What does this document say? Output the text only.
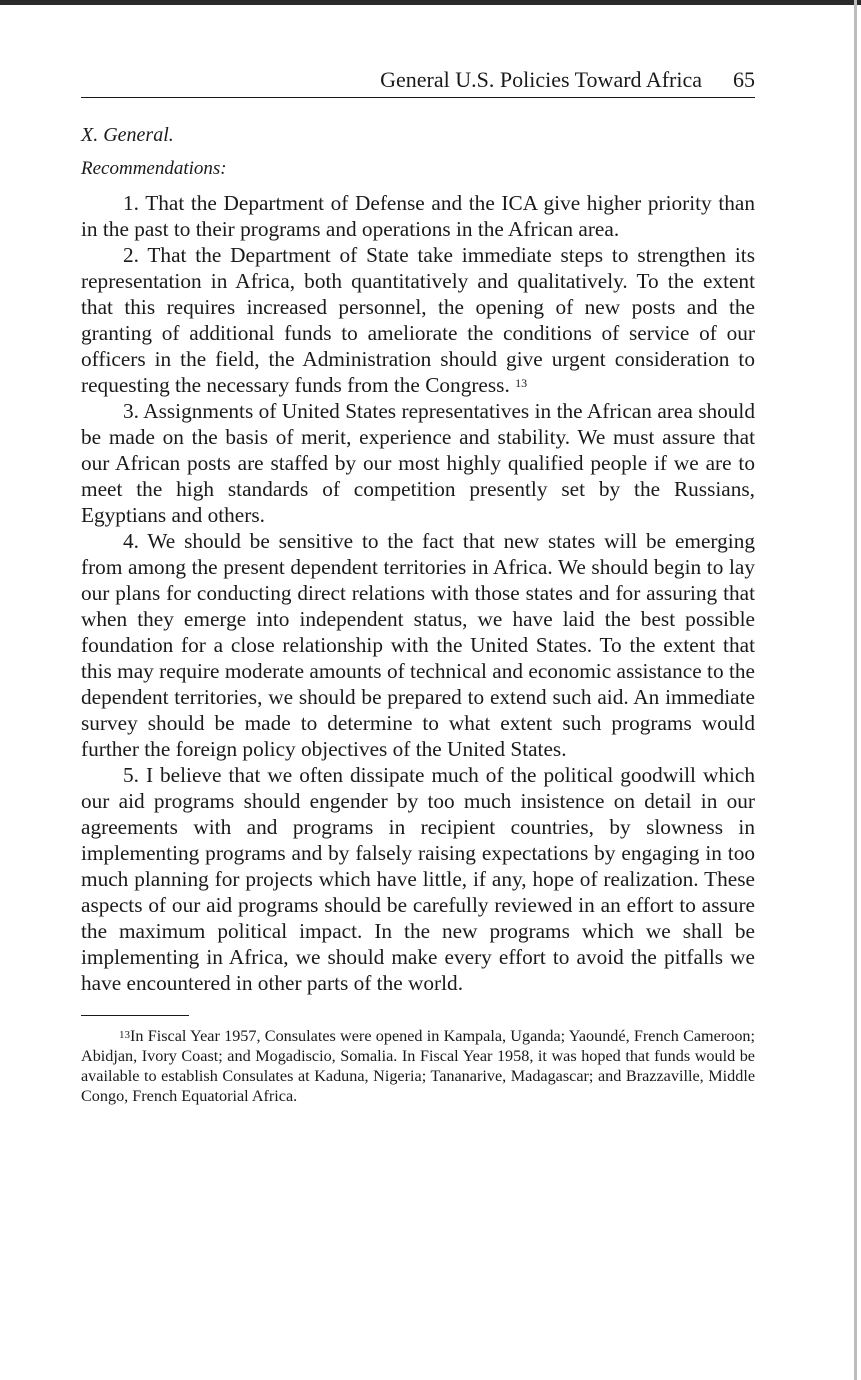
General U.S. Policies Toward Africa 65
X. General.
Recommendations:

1. That the Department of Defense and the ICA give higher priority than in the past to their programs and operations in the African area.

2. That the Department of State take immediate steps to strengthen its representation in Africa, both quantitatively and qualitatively. To the extent that this requires increased personnel, the opening of new posts and the granting of additional funds to ameliorate the conditions of service of our officers in the field, the Administration should give urgent consideration to requesting the necessary funds from the Congress. $^{13}$

3. Assignments of United States representatives in the African area should be made on the basis of merit, experience and stability. We must assure that our African posts are staffed by our most highly qualified people if we are to meet the high standards of competition presently set by the Russians, Egyptians and others.

4. We should be sensitive to the fact that new states will be emerging from among the present dependent territories in Africa. We should begin to lay our plans for conducting direct relations with those states and for assuring that when they emerge into independent status, we have laid the best possible foundation for a close relationship with the United States. To the extent that this may require moderate amounts of technical and economic assistance to the dependent territories, we should be prepared to extend such aid. An immediate survey should be made to determine to what extent such programs would further the foreign policy objectives of the United States.

5. I believe that we often dissipate much of the political goodwill which our aid programs should engender by too much insistence on detail in our agreements with and programs in recipient countries, by slowness in implementing programs and by falsely raising expectations by engaging in too much planning for projects which have little, if any, hope of realization. These aspects of our aid programs should be carefully reviewed in an effort to assure the maximum political impact. In the new programs which we shall be implementing in Africa, we should make every effort to avoid the pitfalls we have encountered in other parts of the world.

$^{13}$In Fiscal Year 1957, Consulates were opened in Kampala, Uganda; Yaoundé, French Cameroon; Abidjan, Ivory Coast; and Mogadiscio, Somalia. In Fiscal Year 1958, it was hoped that funds would be available to establish Consulates at Kaduna, Nigeria; Tananarive, Madagascar; and Brazzaville, Middle Congo, French Equatorial Africa.
